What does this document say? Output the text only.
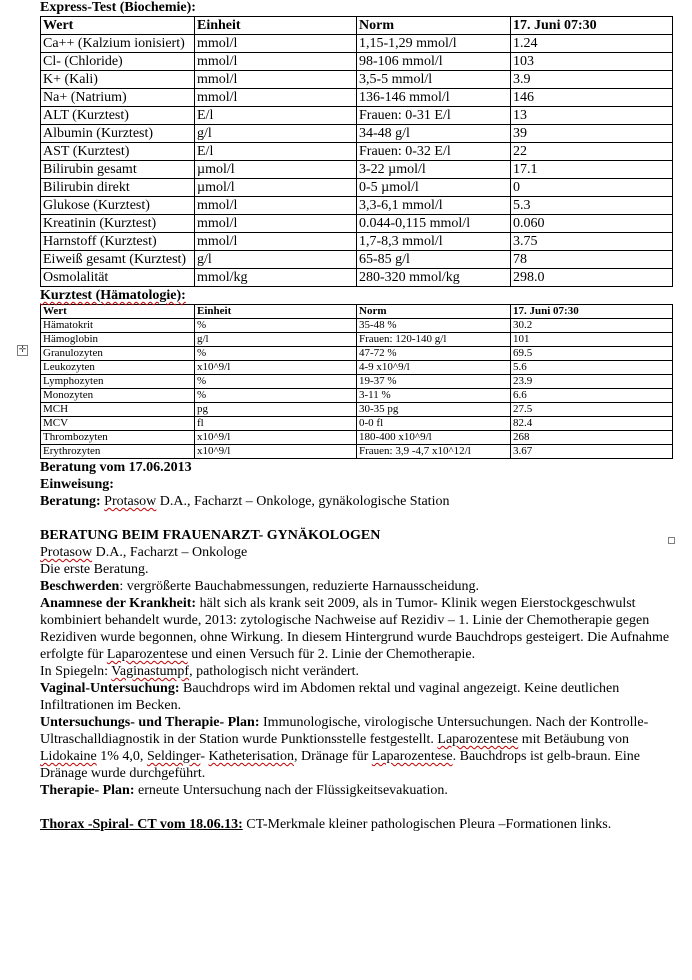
✛
Express-Test (Biochemie):
Wert	Einheit	Norm	17. Juni 07:30
Ca++ (Kalzium ionisiert)	mmol/l	1,15-1,29 mmol/l	1.24
Cl- (Chloride)	mmol/l	98-106 mmol/l	103
K+ (Kali)	mmol/l	3,5-5 mmol/l	3.9
Na+ (Natrium)	mmol/l	136-146 mmol/l	146
ALT (Kurztest)	E/l	Frauen: 0-31 E/l	13
Albumin (Kurztest)	g/l	34-48 g/l	39
AST (Kurztest)	E/l	Frauen: 0-32 E/l	22
Bilirubin gesamt	µmol/l	3-22 µmol/l	17.1
Bilirubin direkt	µmol/l	0-5 µmol/l	0
Glukose (Kurztest)	mmol/l	3,3-6,1 mmol/l	5.3
Kreatinin (Kurztest)	mmol/l	0.044-0,115 mmol/l	0.060
Harnstoff (Kurztest)	mmol/l	1,7-8,3 mmol/l	3.75
Eiweiß gesamt (Kurztest)	g/l	65-85 g/l	78
Osmolalität	mmol/kg	280-320 mmol/kg	298.0
Kurztest (Hämatologie):
Wert	Einheit	Norm	17. Juni 07:30
Hämatokrit	%	35-48 %	30.2
Hämoglobin	g/l	Frauen: 120-140 g/l	101
Granulozyten	%	47-72 %	69.5
Leukozyten	x10^9/l	4-9 x10^9/l	5.6
Lymphozyten	%	19-37 %	23.9
Monozyten	%	3-11 %	6.6
MCH	pg	30-35 pg	27.5
MCV	fl	0-0 fl	82.4
Thrombozyten	x10^9/l	180-400 x10^9/l	268
Erythrozyten	x10^9/l	Frauen: 3,9 -4,7 x10^12/l	3.67

Beratung vom 17.06.2013

Einweisung:

Beratung: Protasow D.A., Facharzt – Onkologe, gynäkologische Station

BERATUNG BEIM FRAUENARZT- GYNÄKOLOGEN

Protasow D.A., Facharzt – Onkologe

Die erste Beratung.

Beschwerden: vergrößerte Bauchabmessungen, reduzierte Harnausscheidung.

Anamnese der Krankheit: hält sich als krank seit 2009, als in Tumor- Klinik wegen Eierstockgeschwulst kombiniert behandelt wurde, 2013: zytologische Nachweise auf Rezidiv – 1. Linie der Chemotherapie gegen Rezidiven wurde begonnen, ohne Wirkung. In diesem Hintergrund wurde Bauchdrops gesteigert. Die Aufnahme erfolgte für Laparozentese und einen Versuch für 2. Linie der Chemotherapie.

In Spiegeln: Vaginastumpf, pathologisch nicht verändert.

Vaginal-Untersuchung: Bauchdrops wird im Abdomen rektal und vaginal angezeigt. Keine deutlichen Infiltrationen im Becken.

Untersuchungs- und Therapie- Plan: Immunologische, virologische Untersuchungen. Nach der Kontrolle- Ultraschalldiagnostik in der Station wurde Punktionsstelle festgestellt. Laparozentese mit Betäubung von Lidokaine 1% 4,0, Seldinger- Katheterisation, Dränage für Laparozentese. Bauchdrops ist gelb-braun. Eine Dränage wurde durchgeführt.

Therapie- Plan: erneute Untersuchung nach der Flüssigkeitsevakuation.

Thorax -Spiral- CT vom 18.06.13: CT-Merkmale kleiner pathologischen Pleura –Formationen links.
